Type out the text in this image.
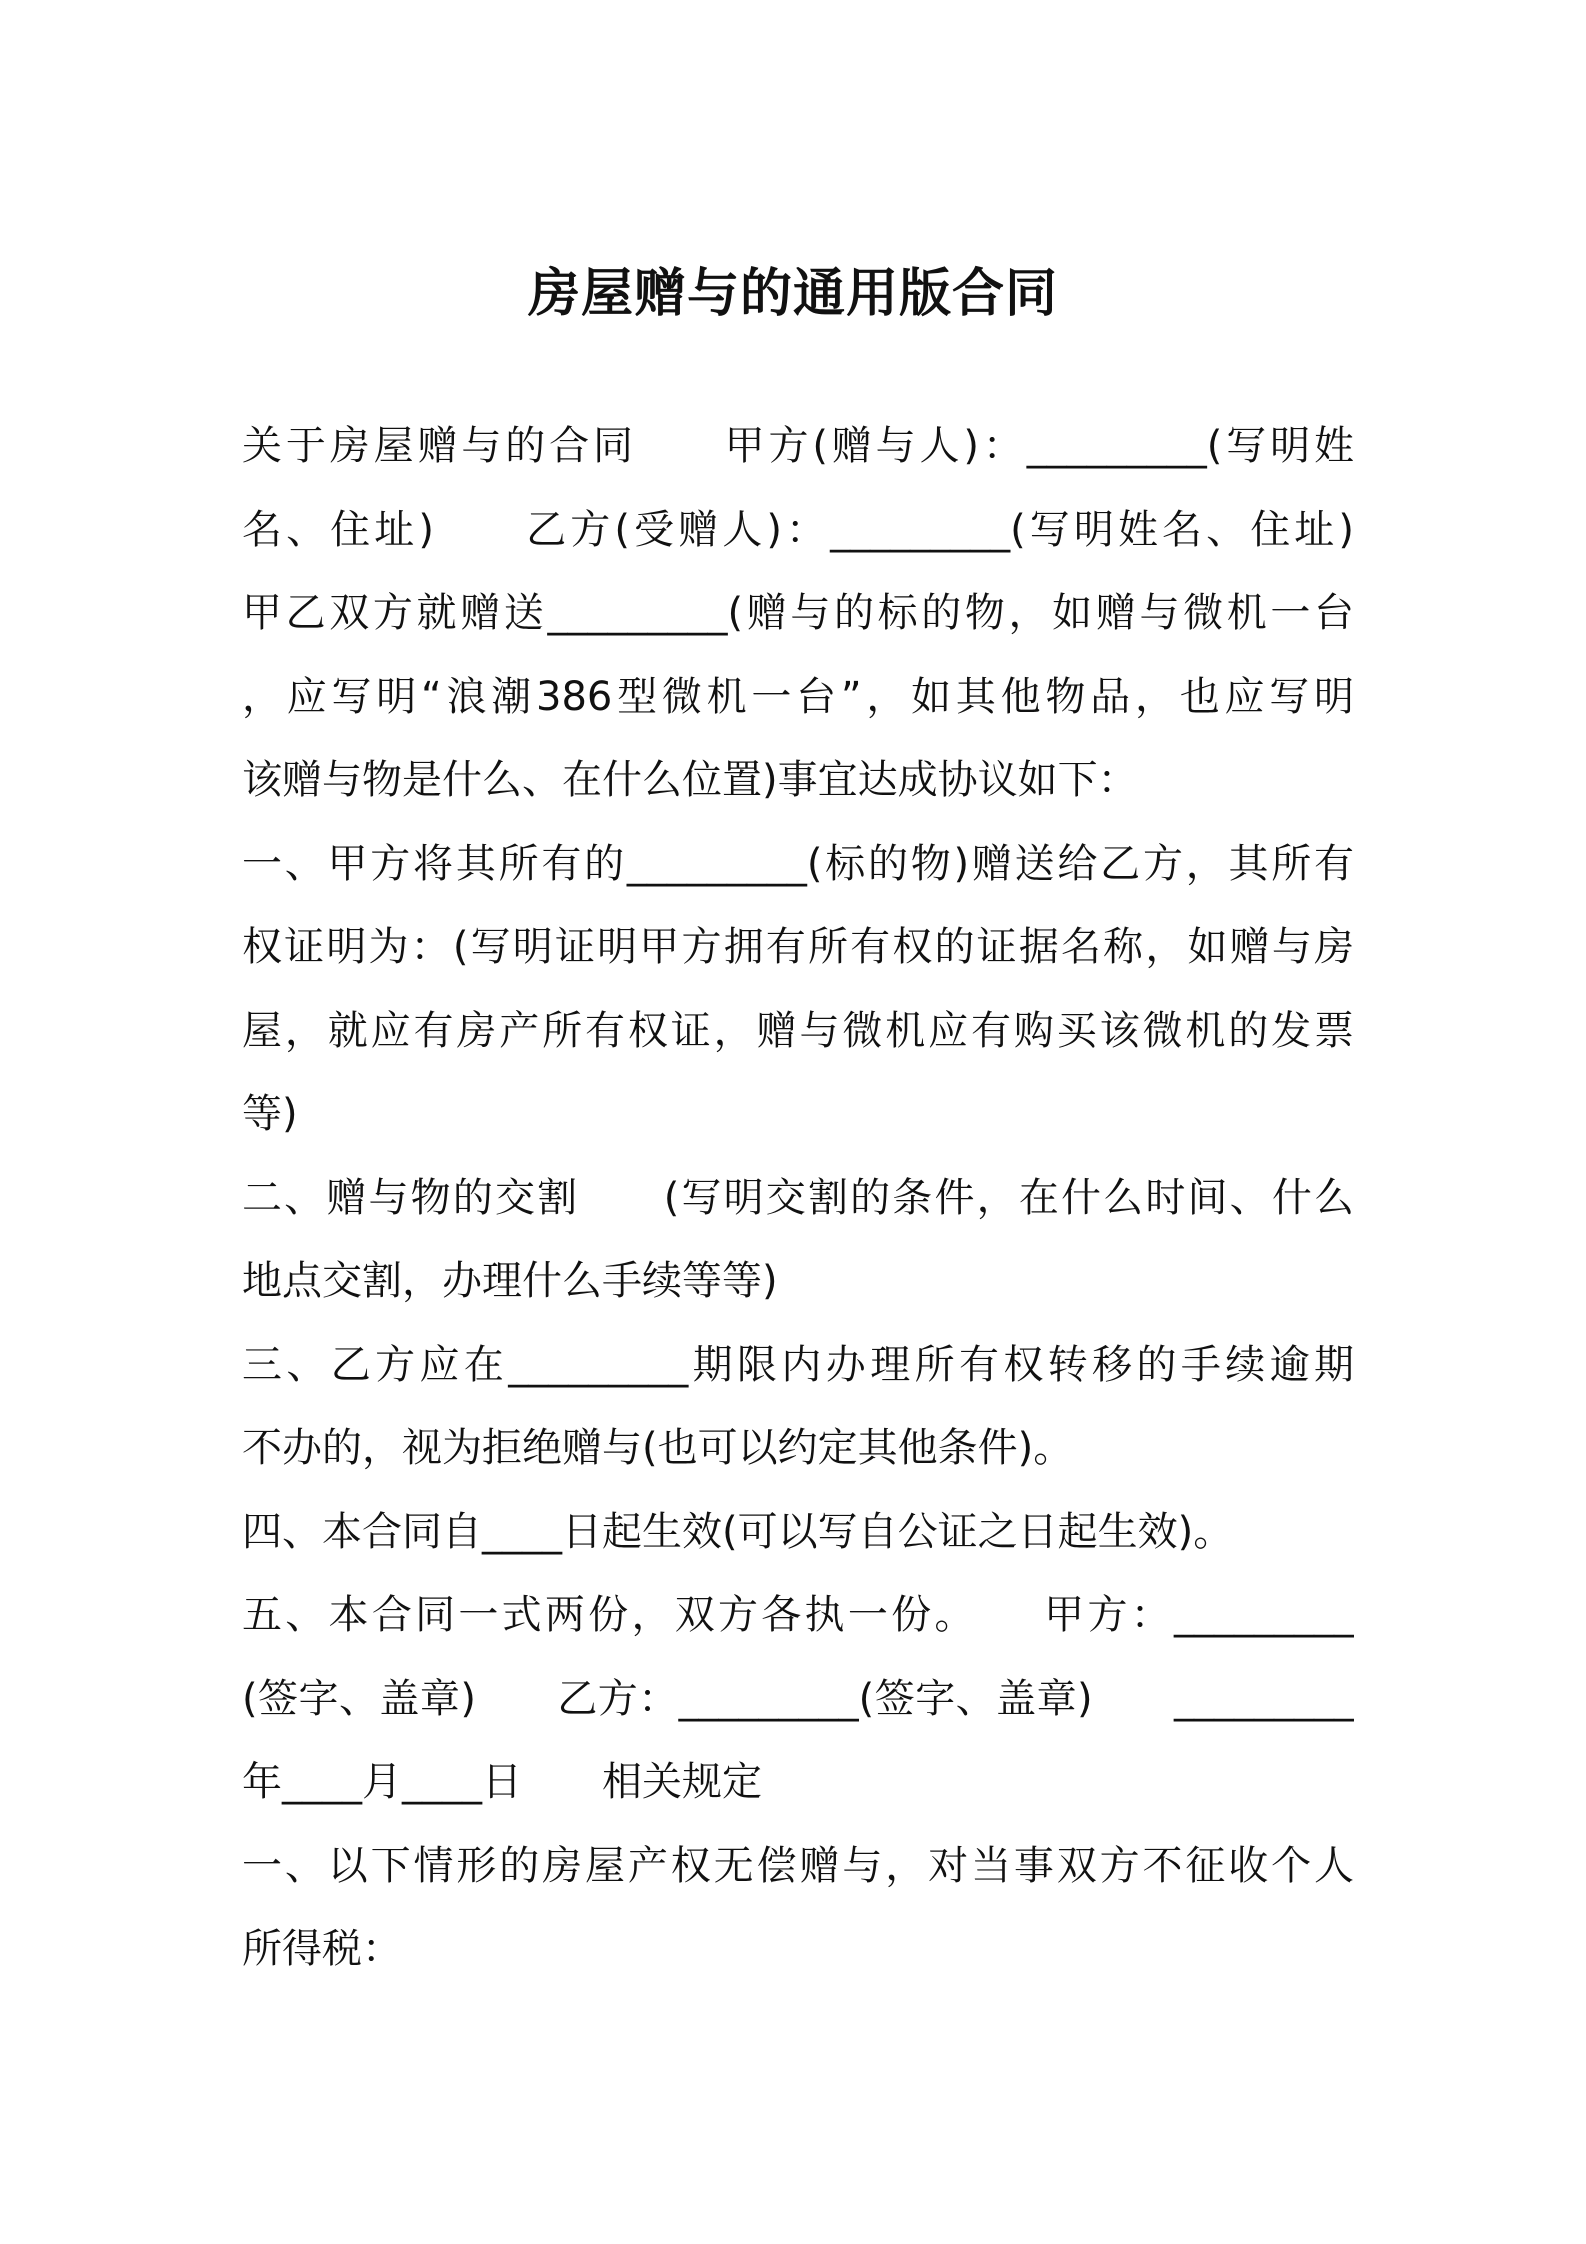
房屋赠与的通用版合同
关于房屋赠与的合同　　甲方(赠与人)：_________(写明姓
名、住址)　　乙方(受赠人)：_________(写明姓名、住址)
甲乙双方就赠送_________(赠与的标的物，如赠与微机一台
，应写明“浪潮386型微机一台”，如其他物品，也应写明
该赠与物是什么、在什么位置)事宜达成协议如下：
一、甲方将其所有的_________(标的物)赠送给乙方，其所有
权证明为：(写明证明甲方拥有所有权的证据名称，如赠与房
屋，就应有房产所有权证，赠与微机应有购买该微机的发票
等)
二、赠与物的交割　　(写明交割的条件，在什么时间、什么
地点交割，办理什么手续等等)
三、乙方应在_________期限内办理所有权转移的手续逾期
不办的，视为拒绝赠与(也可以约定其他条件)。
四、本合同自____日起生效(可以写自公证之日起生效)。
五、本合同一式两份，双方各执一份。　　甲方：_________
(签字、盖章)　　乙方：_________(签字、盖章)　　_________
年____月____日　　相关规定
一、以下情形的房屋产权无偿赠与，对当事双方不征收个人
所得税：
